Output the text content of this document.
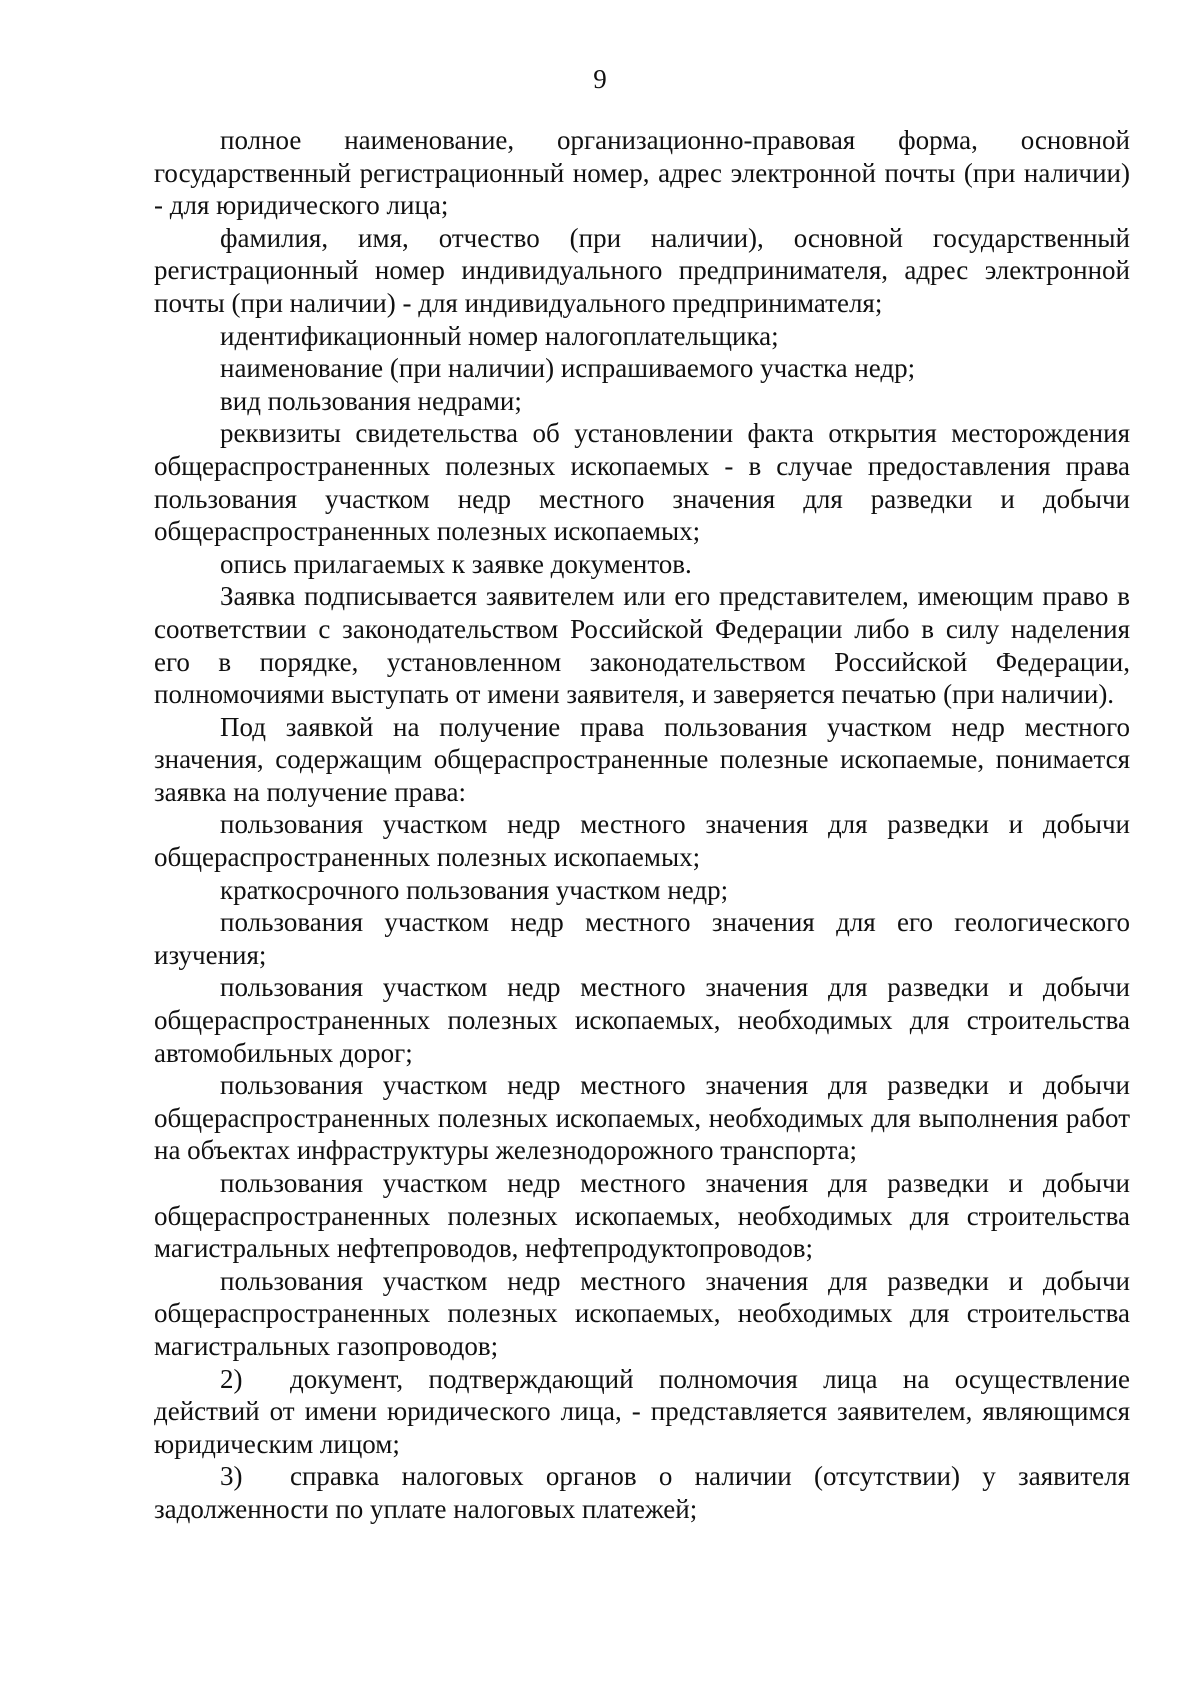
9

полное наименование, организационно-правовая форма, основной государственный регистрационный номер, адрес электронной почты (при наличии) - для юридического лица;

фамилия, имя, отчество (при наличии), основной государственный регистрационный номер индивидуального предпринимателя, адрес электронной почты (при наличии) - для индивидуального предпринимателя;

идентификационный номер налогоплательщика;

наименование (при наличии) испрашиваемого участка недр;

вид пользования недрами;

реквизиты свидетельства об установлении факта открытия месторождения общераспространенных полезных ископаемых - в случае предоставления права пользования участком недр местного значения для разведки и добычи общераспространенных полезных ископаемых;

опись прилагаемых к заявке документов.

Заявка подписывается заявителем или его представителем, имеющим право в соответствии с законодательством Российской Федерации либо в силу наделения его в порядке, установленном законодательством Российской Федерации, полномочиями выступать от имени заявителя, и заверяется печатью (при наличии).

Под заявкой на получение права пользования участком недр местного значения, содержащим общераспространенные полезные ископаемые, понимается заявка на получение права:

пользования участком недр местного значения для разведки и добычи общераспространенных полезных ископаемых;

краткосрочного пользования участком недр;

пользования участком недр местного значения для его геологического изучения;

пользования участком недр местного значения для разведки и добычи общераспространенных полезных ископаемых, необходимых для строительства автомобильных дорог;

пользования участком недр местного значения для разведки и добычи общераспространенных полезных ископаемых, необходимых для выполнения работ на объектах инфраструктуры железнодорожного транспорта;

пользования участком недр местного значения для разведки и добычи общераспространенных полезных ископаемых, необходимых для строительства магистральных нефтепроводов, нефтепродуктопроводов;

пользования участком недр местного значения для разведки и добычи общераспространенных полезных ископаемых, необходимых для строительства магистральных газопроводов;

2) документ, подтверждающий полномочия лица на осуществление действий от имени юридического лица, - представляется заявителем, являющимся юридическим лицом;

3) справка налоговых органов о наличии (отсутствии) у заявителя задолженности по уплате налоговых платежей;
